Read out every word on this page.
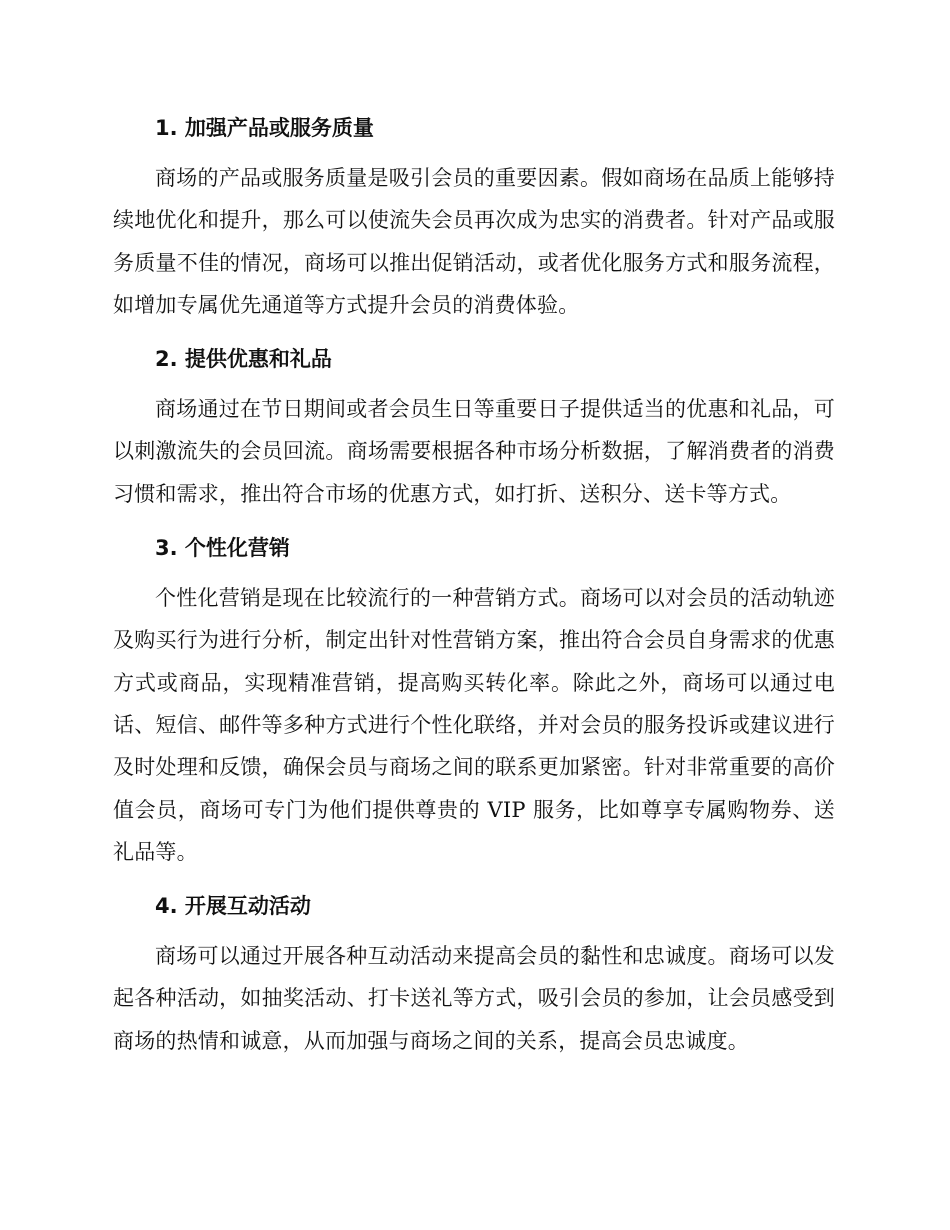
1. 加强产品或服务质量

商场的产品或服务质量是吸引会员的重要因素。假如商场在品质上能够持续地优化和提升，那么可以使流失会员再次成为忠实的消费者。针对产品或服务质量不佳的情况，商场可以推出促销活动，或者优化服务方式和服务流程，如增加专属优先通道等方式提升会员的消费体验。

2. 提供优惠和礼品

商场通过在节日期间或者会员生日等重要日子提供适当的优惠和礼品，可以刺激流失的会员回流。商场需要根据各种市场分析数据，了解消费者的消费习惯和需求，推出符合市场的优惠方式，如打折、送积分、送卡等方式。

3. 个性化营销

个性化营销是现在比较流行的一种营销方式。商场可以对会员的活动轨迹及购买行为进行分析，制定出针对性营销方案，推出符合会员自身需求的优惠方式或商品，实现精准营销，提高购买转化率。除此之外，商场可以通过电话、短信、邮件等多种方式进行个性化联络，并对会员的服务投诉或建议进行及时处理和反馈，确保会员与商场之间的联系更加紧密。针对非常重要的高价值会员，商场可专门为他们提供尊贵的 VIP 服务，比如尊享专属购物券、送礼品等。

4. 开展互动活动

商场可以通过开展各种互动活动来提高会员的黏性和忠诚度。商场可以发起各种活动，如抽奖活动、打卡送礼等方式，吸引会员的参加，让会员感受到商场的热情和诚意，从而加强与商场之间的关系，提高会员忠诚度。
